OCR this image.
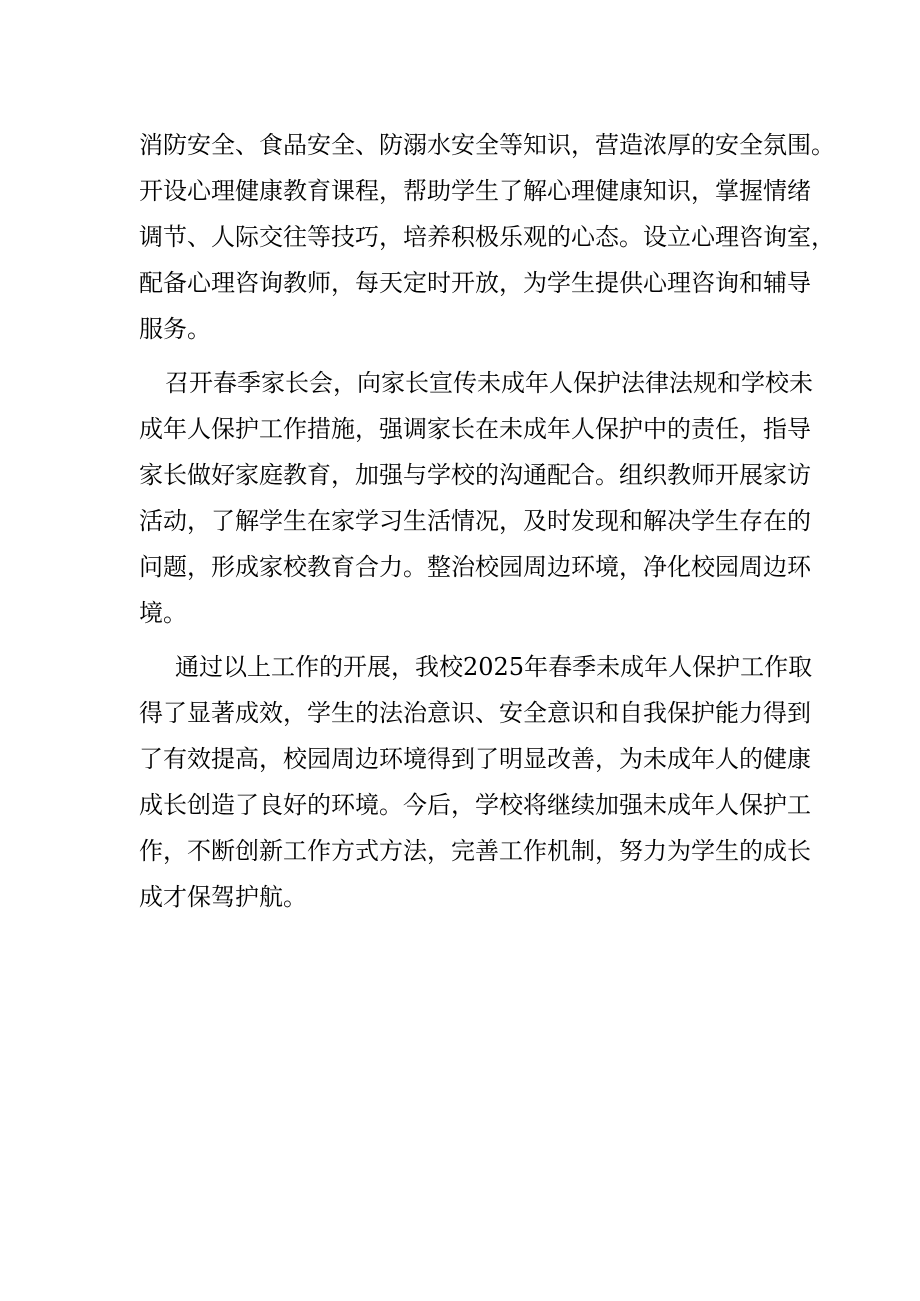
消防安全、食品安全、防溺水安全等知识，营造浓厚的安全氛围。
开设心理健康教育课程，帮助学生了解心理健康知识，掌握情绪
调节、人际交往等技巧，培养积极乐观的心态。设立心理咨询室，
配备心理咨询教师，每天定时开放，为学生提供心理咨询和辅导
服务。
召开春季家长会，向家长宣传未成年人保护法律法规和学校未
成年人保护工作措施，强调家长在未成年人保护中的责任，指导
家长做好家庭教育，加强与学校的沟通配合。组织教师开展家访
活动，了解学生在家学习生活情况，及时发现和解决学生存在的
问题，形成家校教育合力。整治校园周边环境，净化校园周边环
境。
通过以上工作的开展，我校2025年春季未成年人保护工作取
得了显著成效，学生的法治意识、安全意识和自我保护能力得到
了有效提高，校园周边环境得到了明显改善，为未成年人的健康
成长创造了良好的环境。今后，学校将继续加强未成年人保护工
作，不断创新工作方式方法，完善工作机制，努力为学生的成长
成才保驾护航。
